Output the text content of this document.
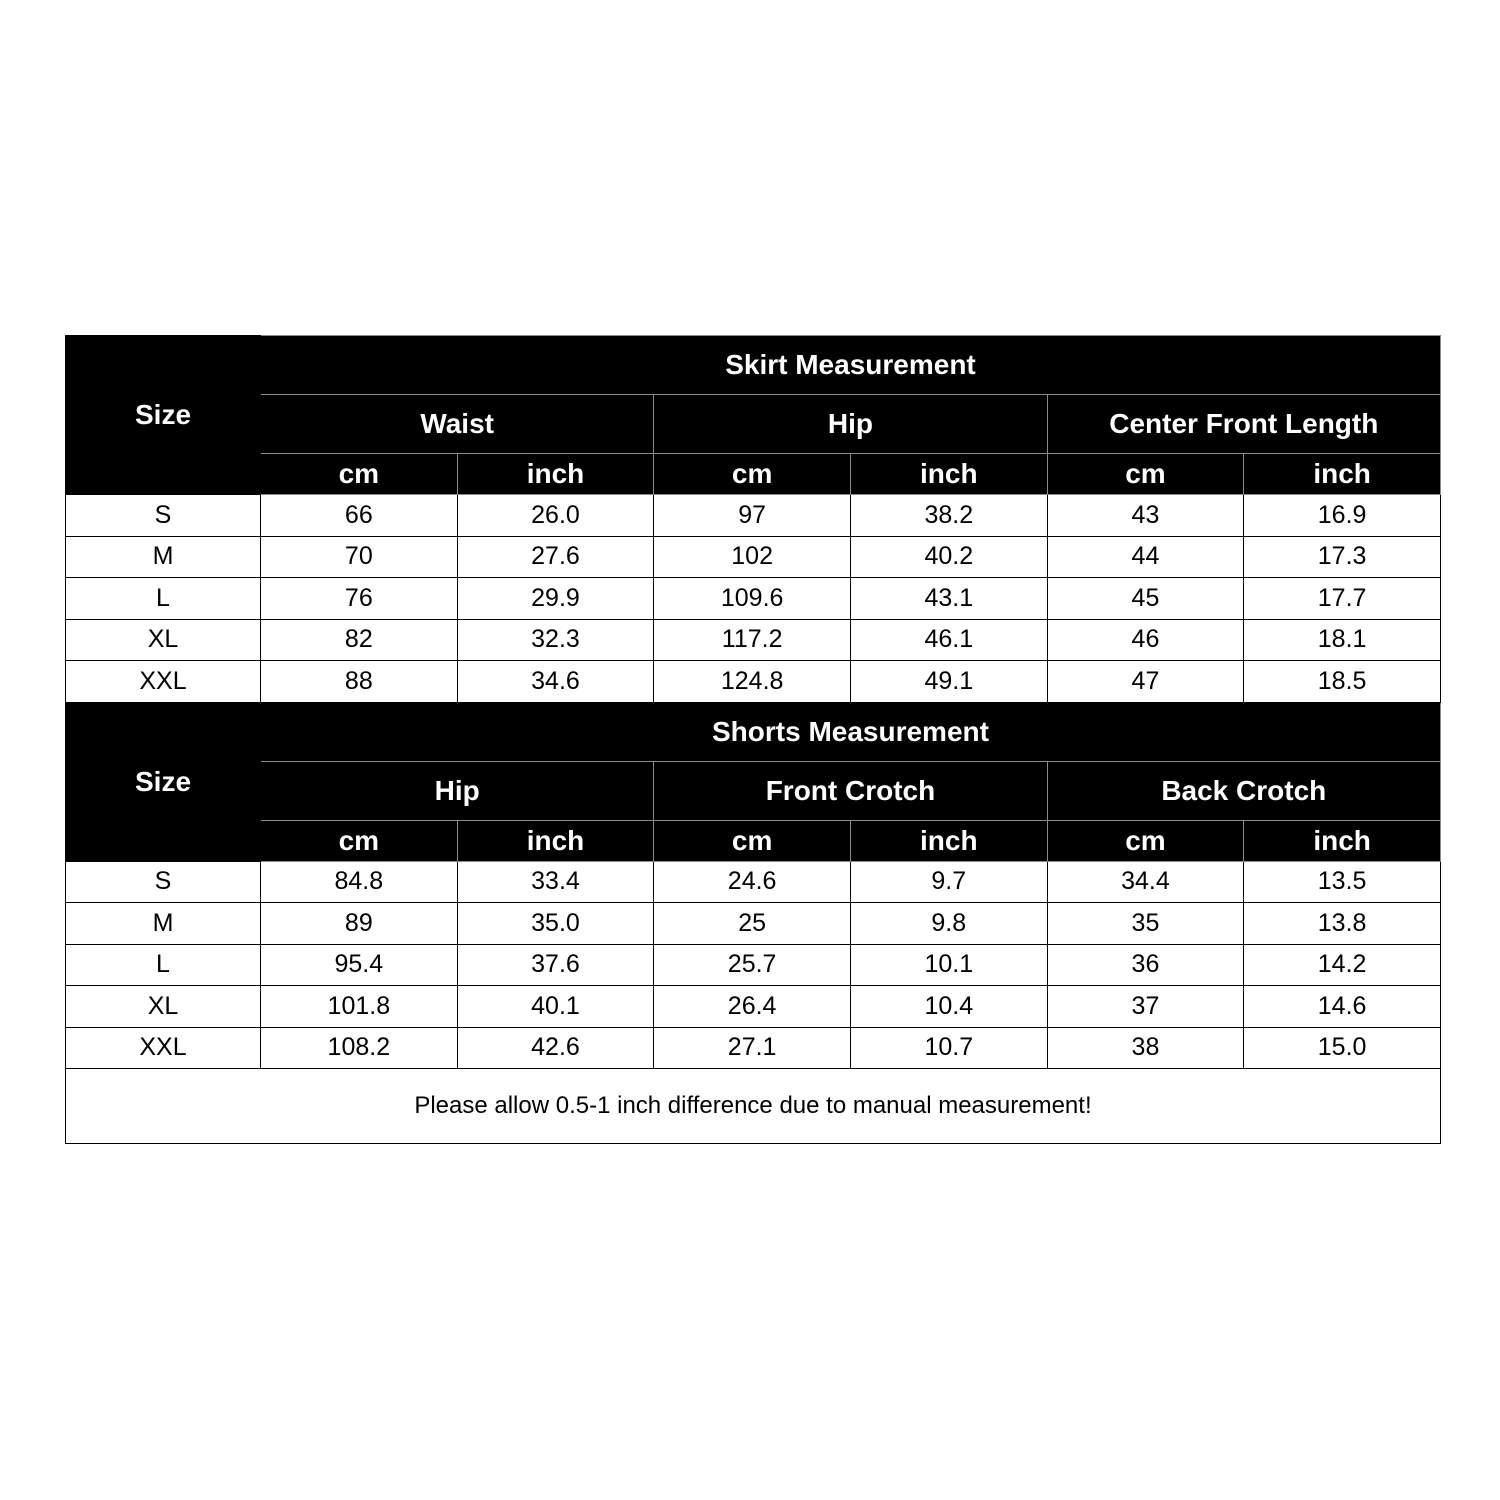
Size	Skirt Measurement					
	Waist		Hip		Center Front Length	
	cm	inch	cm	inch	cm	inch
S	66	26.0	97	38.2	43	16.9
M	70	27.6	102	40.2	44	17.3
L	76	29.9	109.6	43.1	45	17.7
XL	82	32.3	117.2	46.1	46	18.1
XXL	88	34.6	124.8	49.1	47	18.5
Size	Shorts Measurement					
	Hip		Front Crotch		Back Crotch	
	cm	inch	cm	inch	cm	inch
S	84.8	33.4	24.6	9.7	34.4	13.5
M	89	35.0	25	9.8	35	13.8
L	95.4	37.6	25.7	10.1	36	14.2
XL	101.8	40.1	26.4	10.4	37	14.6
XXL	108.2	42.6	27.1	10.7	38	15.0
Please allow 0.5-1 inch difference due to manual measurement!						
